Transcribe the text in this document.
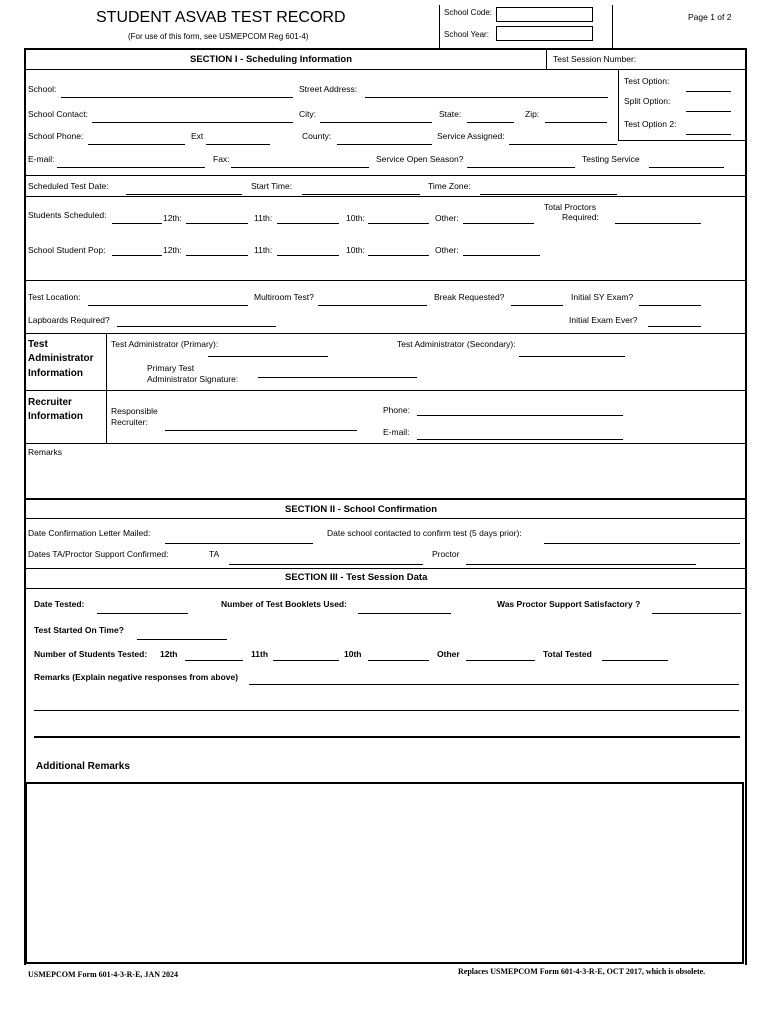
STUDENT ASVAB TEST RECORD
(For use of this form, see USMEPCOM Reg 601-4)
School Code:
School Year:
Page 1 of 2
SECTION I - Scheduling Information	Test Session Number:
Test Option:
Split Option:
Test Option 2:
School:	Street Address:
School Contact:	City:	State:	Zip:
School Phone:	Ext	County:	Service Assigned:
E-mail:	Fax:	Service Open Season?	Testing Service
Scheduled Test Date:	Start Time:	Time Zone:
Students Scheduled:	12th:	11th:	10th:	Other:
Total Proctors
Required:
School Student Pop:	12th:	11th:	10th:	Other:
Test Location:	Multiroom Test?	Break Requested?	Initial SY Exam?
Lapboards Required?	Initial Exam Ever?
Test
Administrator
Information
Test Administrator (Primary):	Test Administrator (Secondary):
Primary Test
Administrator Signature:
Recruiter
Information	Responsible
Recruiter:
Phone:
E-mail:
Remarks
SECTION II - School Confirmation
Date Confirmation Letter Mailed:	Date school contacted to confirm test (5 days prior):
Dates TA/Proctor Support Confirmed:	TA	Proctor
SECTION III - Test Session Data
Date Tested:	Number of Test Booklets Used:	Was Proctor Support Satisfactory ?
Test Started On Time?
Number of Students Tested: 12th	11th	10th	Other	Total Tested
Remarks (Explain negative responses from above)
Additional Remarks
USMEPCOM Form 601-4-3-R-E, JAN 2024	Replaces USMEPCOM Form 601-4-3-R-E, OCT 2017, which is obsolete.
